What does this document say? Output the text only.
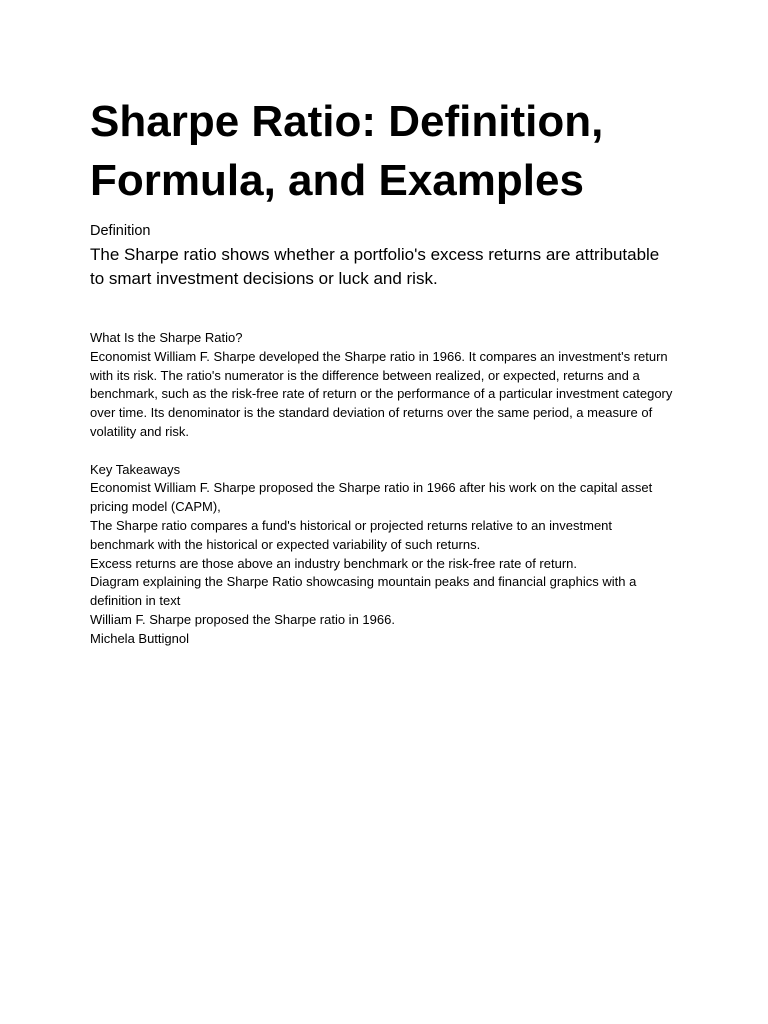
Sharpe Ratio: Definition, Formula, and Examples
Definition
The Sharpe ratio shows whether a portfolio's excess returns are attributable to smart investment decisions or luck and risk.

What Is the Sharpe Ratio?

Economist William F. Sharpe developed the Sharpe ratio in 1966. It compares an investment's return with its risk. The ratio's numerator is the difference between realized, or expected, returns and a benchmark, such as the risk-free rate of return or the performance of a particular investment category over time. Its denominator is the standard deviation of returns over the same period, a measure of volatility and risk.

Key Takeaways

Economist William F. Sharpe proposed the Sharpe ratio in 1966 after his work on the capital asset pricing model (CAPM),

The Sharpe ratio compares a fund's historical or projected returns relative to an investment benchmark with the historical or expected variability of such returns.

Excess returns are those above an industry benchmark or the risk-free rate of return.

Diagram explaining the Sharpe Ratio showcasing mountain peaks and financial graphics with a definition in text

William F. Sharpe proposed the Sharpe ratio in 1966.

Michela Buttignol
